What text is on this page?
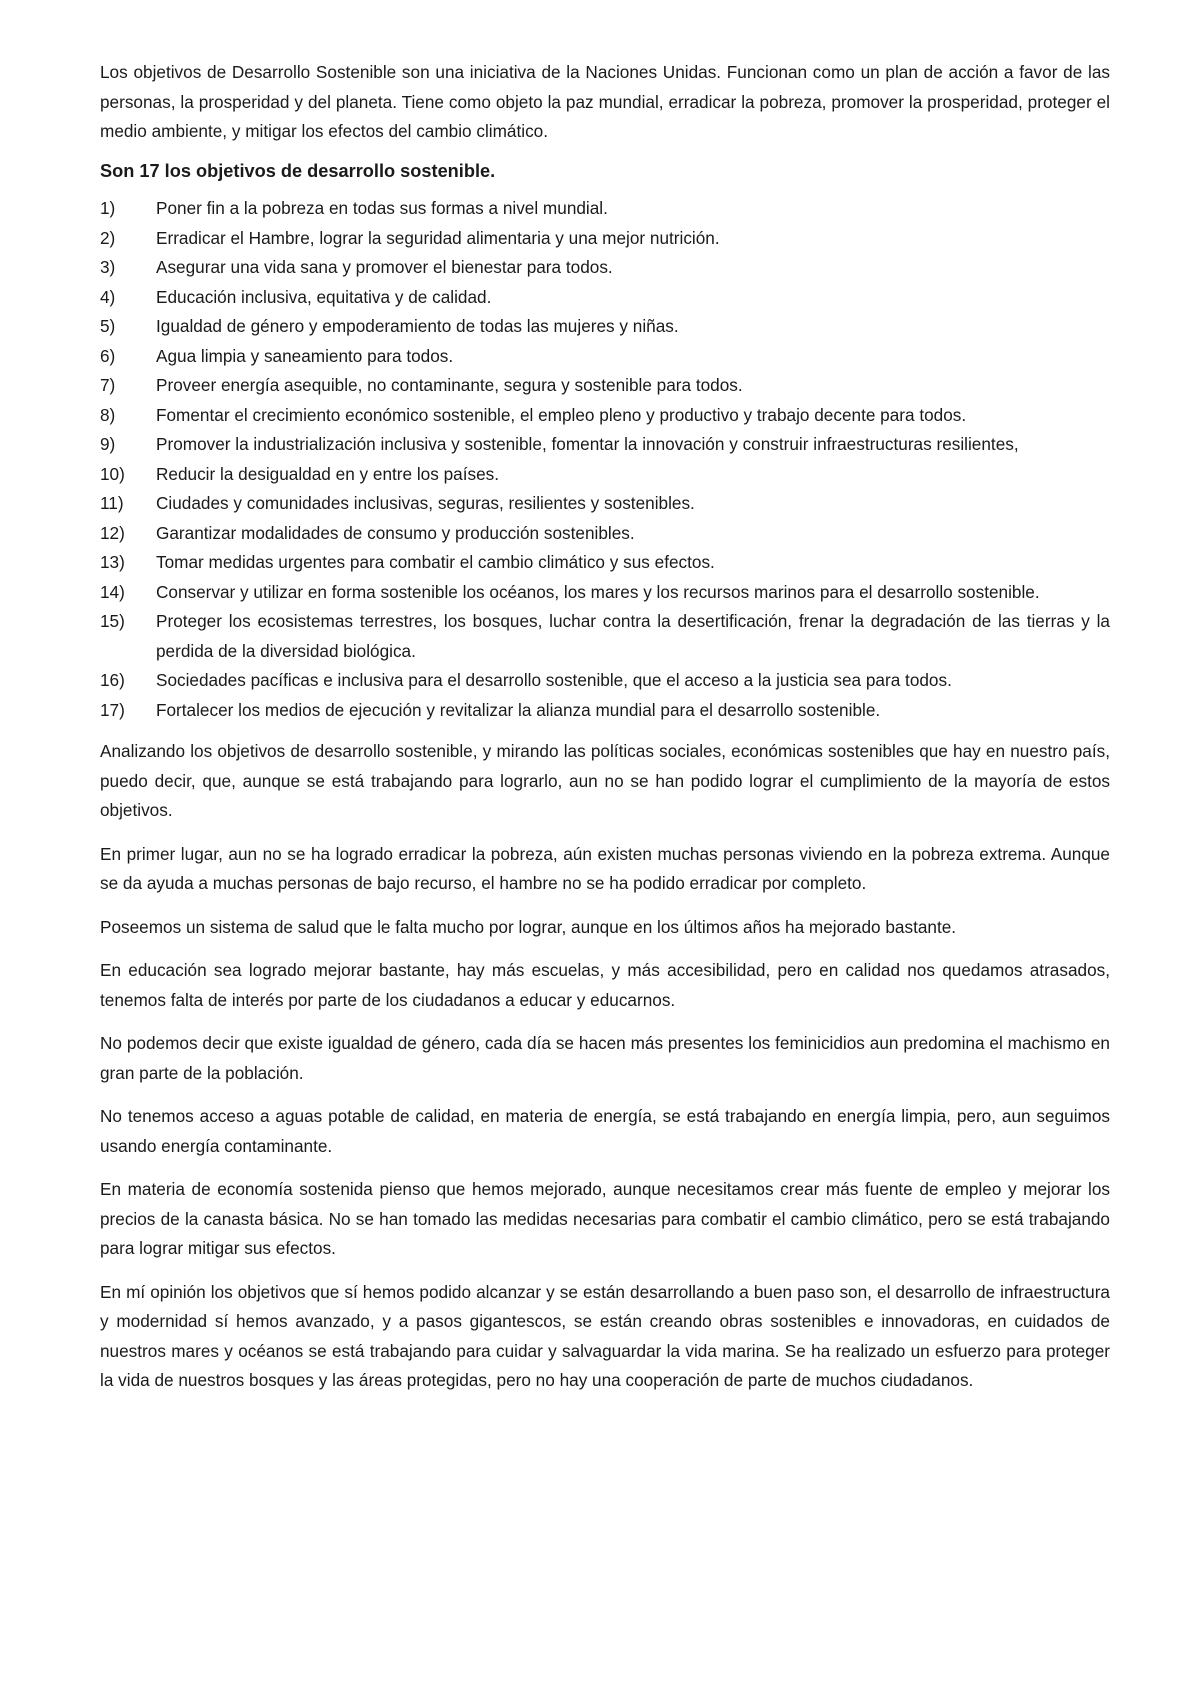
Los objetivos de Desarrollo Sostenible son una iniciativa de la Naciones Unidas. Funcionan como un plan de acción a favor de las personas, la prosperidad y del planeta. Tiene como objeto la paz mundial, erradicar la pobreza, promover la prosperidad, proteger el medio ambiente, y mitigar los efectos del cambio climático.

Son 17 los objetivos de desarrollo sostenible.

1)	Poner fin a la pobreza en todas sus formas a nivel mundial.
2)	Erradicar el Hambre, lograr la seguridad alimentaria y una mejor nutrición.
3)	Asegurar una vida sana y promover el bienestar para todos.
4)	Educación inclusiva, equitativa y de calidad.
5)	Igualdad de género y empoderamiento de todas las mujeres y niñas.
6)	Agua limpia y saneamiento para todos.
7)	Proveer energía asequible, no contaminante, segura y sostenible para todos.
8)	Fomentar el crecimiento económico sostenible, el empleo pleno y productivo y trabajo decente para todos.
9)	Promover la industrialización inclusiva y sostenible, fomentar la innovación y construir infraestructuras resilientes,
10)	Reducir la desigualdad en y entre los países.
11)	Ciudades y comunidades inclusivas, seguras, resilientes y sostenibles.
12)	Garantizar modalidades de consumo y producción sostenibles.
13)	Tomar medidas urgentes para combatir el cambio climático y sus efectos.
14)	Conservar y utilizar en forma sostenible los océanos, los mares y los recursos marinos para el desarrollo sostenible.
15)	Proteger los ecosistemas terrestres, los bosques, luchar contra la desertificación, frenar la degradación de las tierras y la perdida de la diversidad biológica.
16)	Sociedades pacíficas e inclusiva para el desarrollo sostenible, que el acceso a la justicia sea para todos.
17)	Fortalecer los medios de ejecución y revitalizar la alianza mundial para el desarrollo sostenible.

Analizando los objetivos de desarrollo sostenible, y mirando las políticas sociales, económicas sostenibles que hay en nuestro país, puedo decir, que, aunque se está trabajando para lograrlo, aun no se han podido lograr el cumplimiento de la mayoría de estos objetivos.

En primer lugar, aun no se ha logrado erradicar la pobreza, aún existen muchas personas viviendo en la pobreza extrema. Aunque se da ayuda a muchas personas de bajo recurso, el hambre no se ha podido erradicar por completo.

Poseemos un sistema de salud que le falta mucho por lograr, aunque en los últimos años ha mejorado bastante.

En educación sea logrado mejorar bastante, hay más escuelas, y más accesibilidad, pero en calidad nos quedamos atrasados, tenemos falta de interés por parte de los ciudadanos a educar y educarnos.

No podemos decir que existe igualdad de género, cada día se hacen más presentes los feminicidios aun predomina el machismo en gran parte de la población.

No tenemos acceso a aguas potable de calidad, en materia de energía, se está trabajando en energía limpia, pero, aun seguimos usando energía contaminante.

En materia de economía sostenida pienso que hemos mejorado, aunque necesitamos crear más fuente de empleo y mejorar los precios de la canasta básica. No se han tomado las medidas necesarias para combatir el cambio climático, pero se está trabajando para lograr mitigar sus efectos.

En mí opinión los objetivos que sí hemos podido alcanzar y se están desarrollando a buen paso son, el desarrollo de infraestructura y modernidad sí hemos avanzado, y a pasos gigantescos, se están creando obras sostenibles e innovadoras, en cuidados de nuestros mares y océanos se está trabajando para cuidar y salvaguardar la vida marina. Se ha realizado un esfuerzo para proteger la vida de nuestros bosques y las áreas protegidas, pero no hay una cooperación de parte de muchos ciudadanos.
